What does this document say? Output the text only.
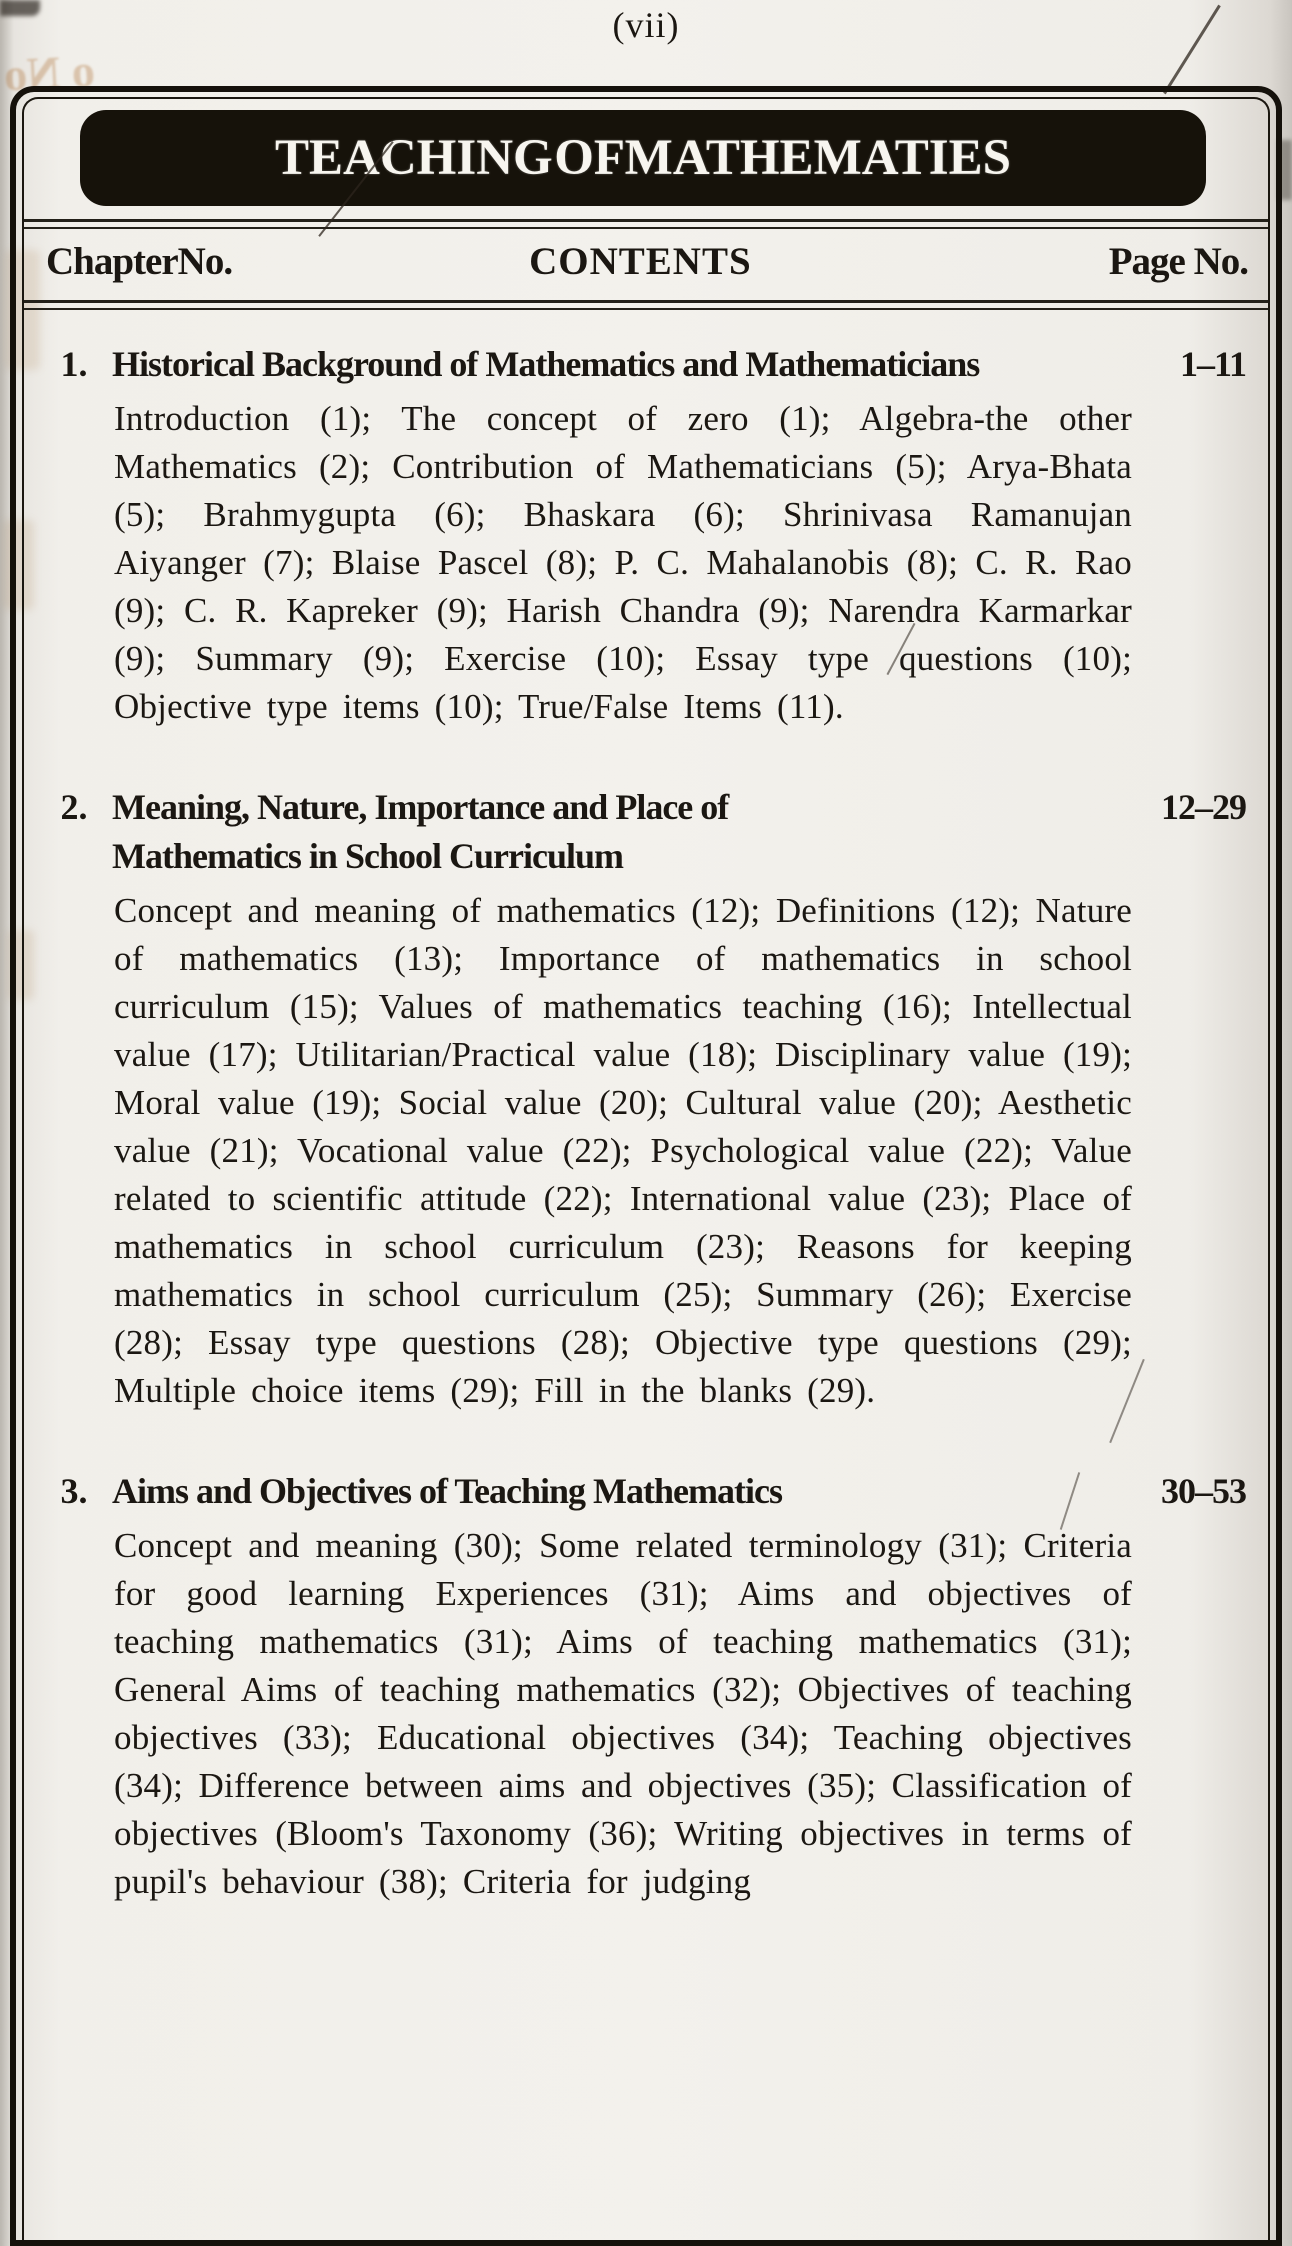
o No
(vii)
TEACHING OF MATHEMATIES
ChapterNo.	CONTENTS	Page No.
1. Historical Background of Mathematics and Mathematicians	1–11
Introduction (1); The concept of zero (1); Algebra-the other Mathematics (2); Contribution of Mathematicians (5); Arya-Bhata (5); Brahmygupta (6); Bhaskara (6); Shrinivasa Ramanujan Aiyanger (7); Blaise Pascel (8); P. C. Mahalanobis (8); C. R. Rao (9); C. R. Kapreker (9); Harish Chandra (9); Narendra Karmarkar (9); Summary (9); Exercise (10); Essay type questions (10); Objective type items (10); True/False Items (11).
2. Meaning, Nature, Importance and Place of
Mathematics in School Curriculum
12–29
Concept and meaning of mathematics (12); Definitions (12); Nature of mathematics (13); Importance of mathematics in school curriculum (15); Values of mathematics teaching (16); Intellectual value (17); Utilitarian/Practical value (18); Disciplinary value (19); Moral value (19); Social value (20); Cultural value (20); Aesthetic value (21); Vocational value (22); Psychological value (22); Value related to scientific attitude (22); International value (23); Place of mathematics in school curriculum (23); Reasons for keeping mathematics in school curriculum (25); Summary (26); Exercise (28); Essay type questions (28); Objective type questions (29); Multiple choice items (29); Fill in the blanks (29).
3. Aims and Objectives of Teaching Mathematics	30–53
Concept and meaning (30); Some related terminology (31); Criteria for good learning Experiences (31); Aims and objectives of teaching mathematics (31); Aims of teaching mathematics (31); General Aims of teaching mathematics (32); Objectives of teaching objectives (33); Educational objectives (34); Teaching objectives (34); Difference between aims and objectives (35); Classification of objectives (Bloom's Taxonomy (36); Writing objectives in terms of pupil's behaviour (38); Criteria for judging
